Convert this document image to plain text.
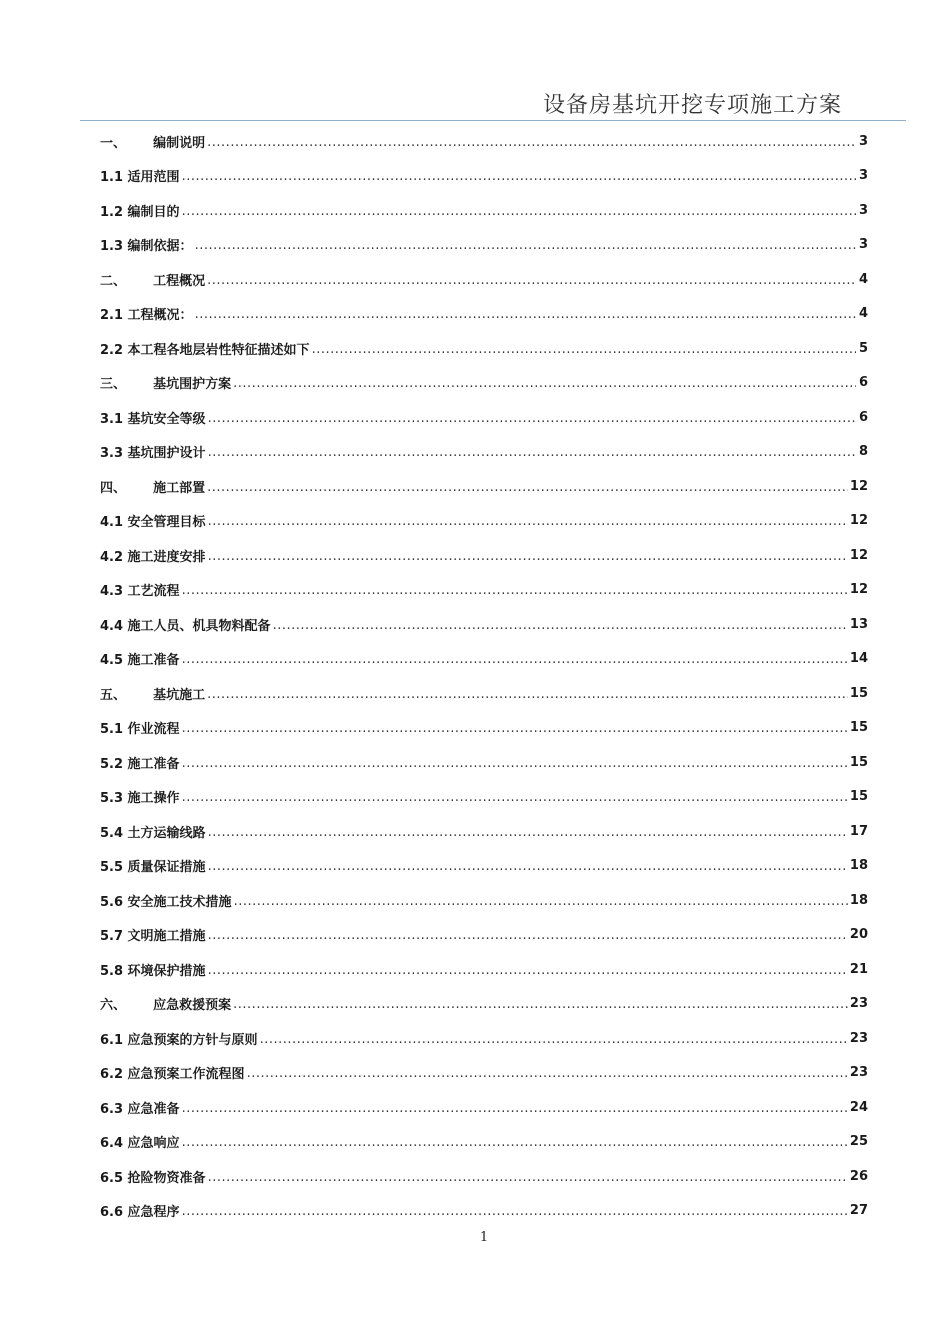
设备房基坑开挖专项施工方案
一、      编制说明 .....	3
1.1 适用范围 .....	3
1.2 编制目的 .....	3
1.3 编制依据： .....	3
二、      工程概况 .....	4
2.1 工程概况： .....	4
2.2 本工程各地层岩性特征描述如下 .....	5
三、      基坑围护方案 .....	6
3.1 基坑安全等级 .....	6
3.3 基坑围护设计 .....	8
四、      施工部置 .....	12
4.1 安全管理目标 .....	12
4.2 施工进度安排 .....	12
4.3 工艺流程 .....	12
4.4 施工人员、机具物料配备 .....	13
4.5 施工准备 .....	14
五、      基坑施工 .....	15
5.1 作业流程 .....	15
5.2 施工准备 .....	15
5.3 施工操作 .....	15
5.4 土方运输线路 .....	17
5.5 质量保证措施 .....	18
5.6 安全施工技术措施 .....	18
5.7 文明施工措施 .....	20
5.8 环境保护措施 .....	21
六、      应急救援预案 .....	23
6.1 应急预案的方针与原则 .....	23
6.2 应急预案工作流程图 .....	23
6.3 应急准备 .....	24
6.4 应急响应 .....	25
6.5 抢险物资准备 .....	26
6.6 应急程序 .....	27
1
